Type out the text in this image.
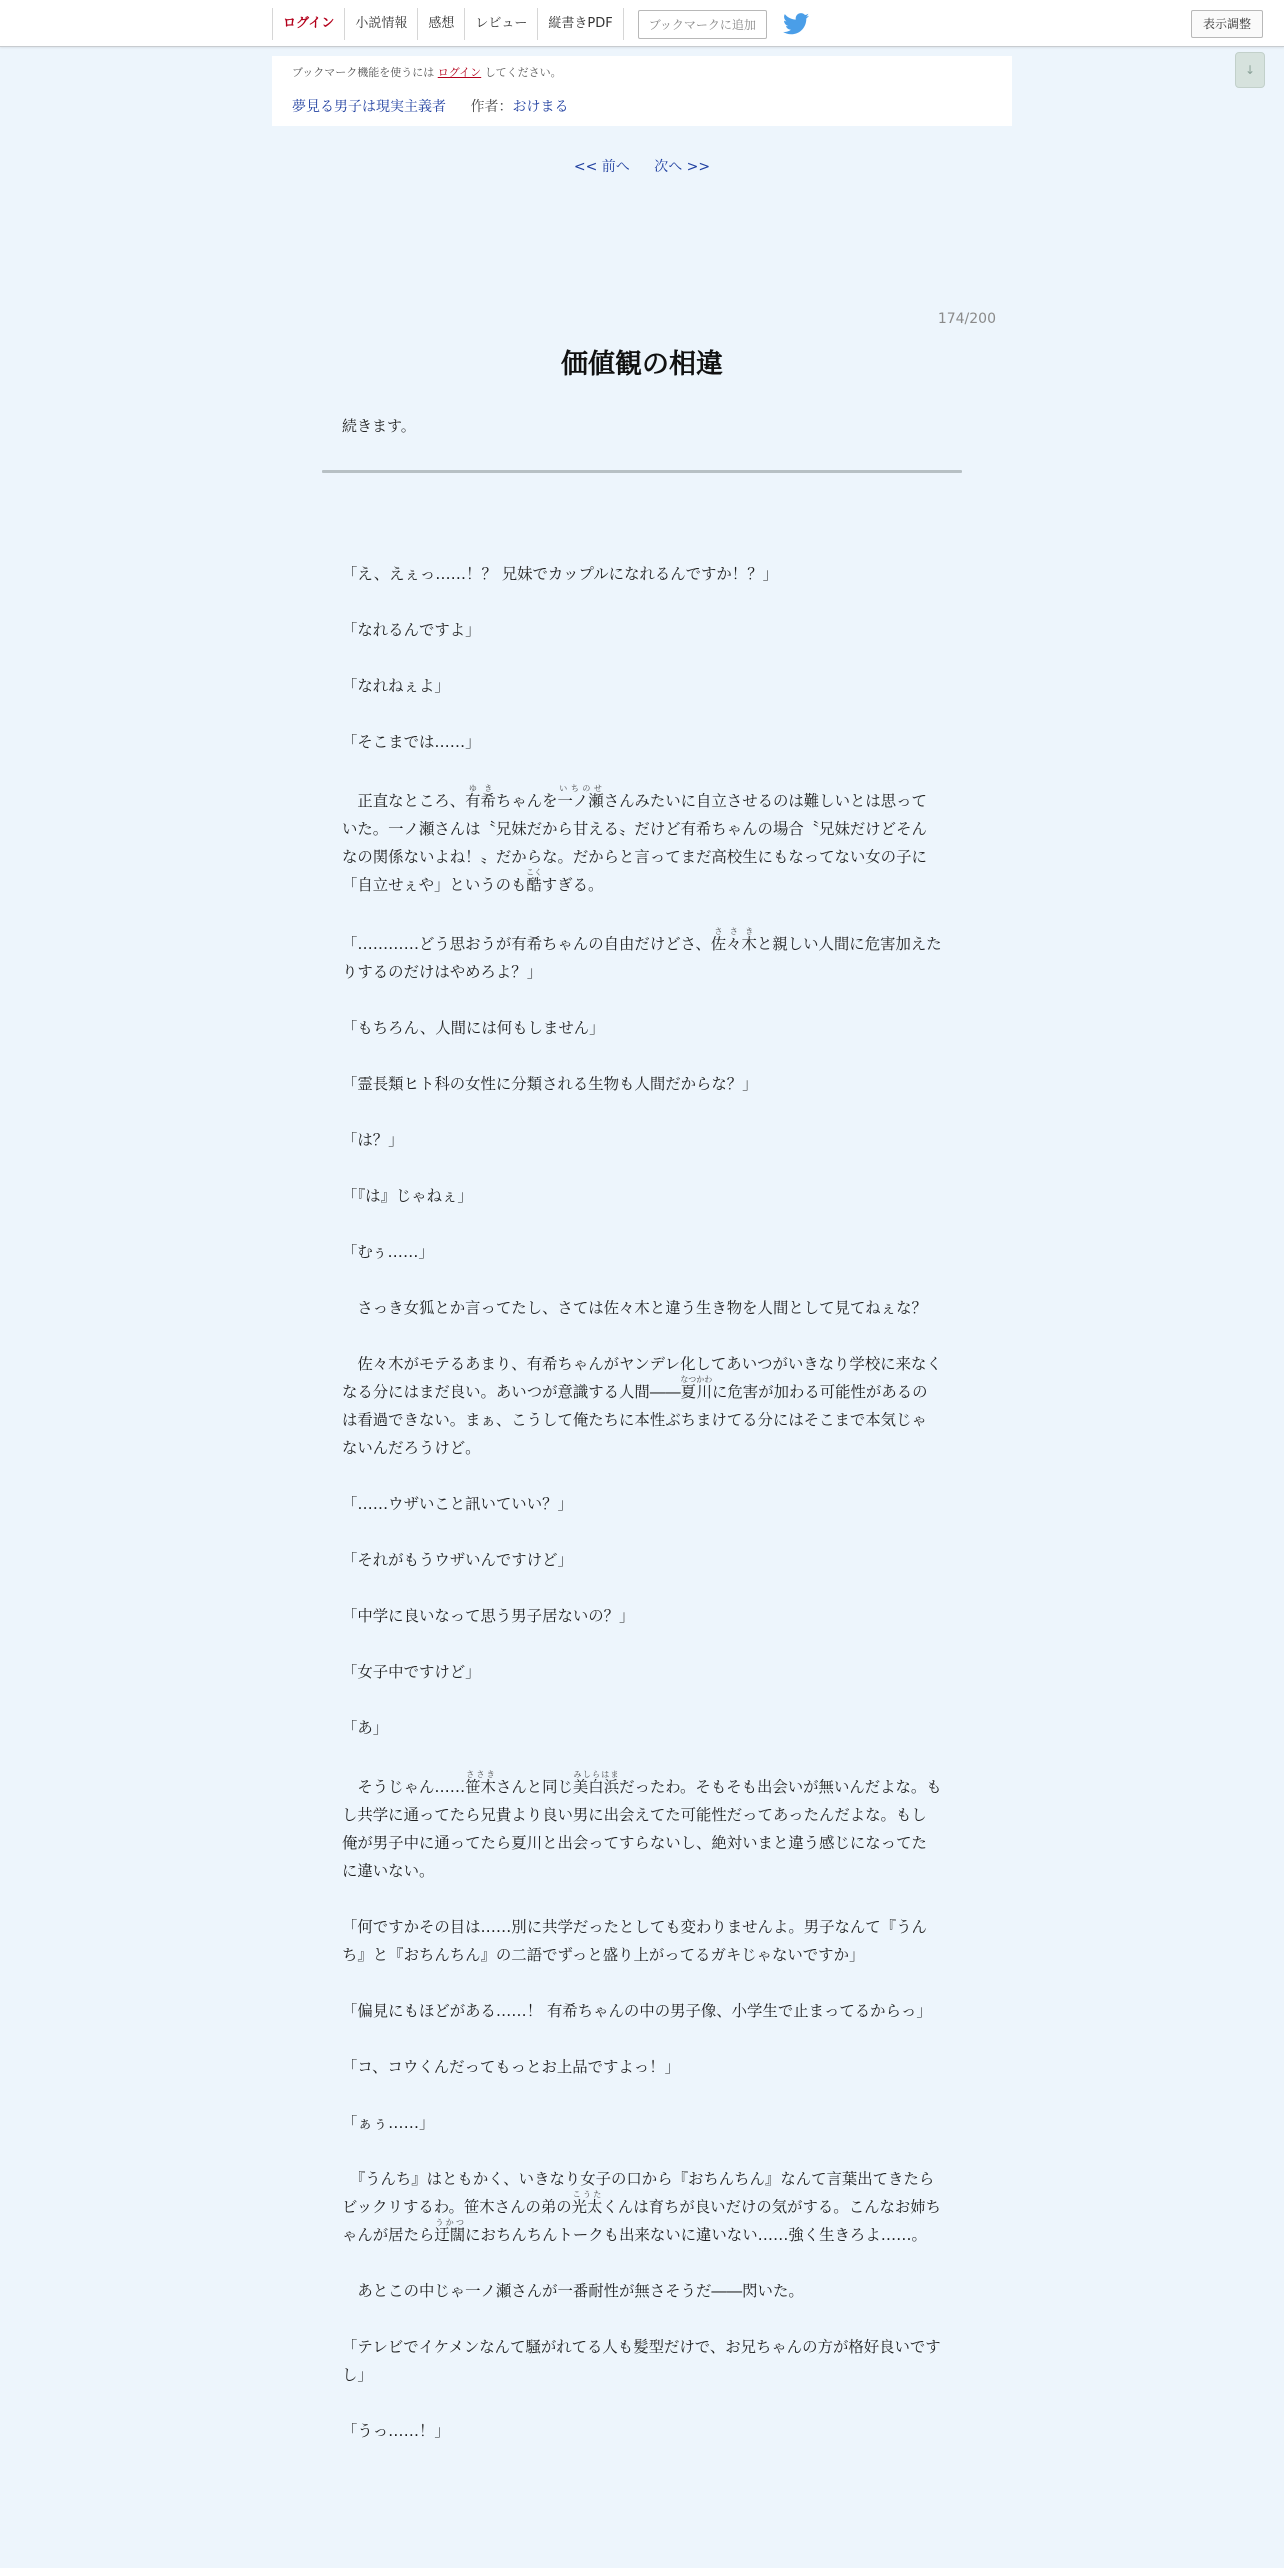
ログイン	小説情報	感想	レビュー	縦書きPDF	ブックマークに追加	表示調整
↓
ブックマーク機能を使うには ログイン してください。
夢見る男子は現実主義者 作者：おけまる
<< 前へ 次へ >>
174/200
価値観の相違
続きます。

「え、えぇっ……！？ 兄妹でカップルになれるんですか！？」

「なれるんですよ」

「なれねぇよ」

「そこまでは……」

　正直なところ、有希ゆきちゃんを一ノ瀬いちのせさんみたいに自立させるのは難しいとは思っていた。一ノ瀬さんは〝兄妹だから甘える〟だけど有希ちゃんの場合〝兄妹だけどそんなの関係ないよね！〟だからな。だからと言ってまだ高校生にもなってない女の子に「自立せぇや」というのも酷こくすぎる。

「…………どう思おうが有希ちゃんの自由だけどさ、佐々木ささきと親しい人間に危害加えたりするのだけはやめろよ？」

「もちろん、人間には何もしません」

「霊長類ヒト科の女性に分類される生物も人間だからな？」

「は？」

「『は』じゃねぇ」

「むぅ……」

　さっき女狐とか言ってたし、さては佐々木と違う生き物を人間として見てねぇな？

　佐々木がモテるあまり、有希ちゃんがヤンデレ化してあいつがいきなり学校に来なくなる分にはまだ良い。あいつが意識する人間――夏川なつかわに危害が加わる可能性があるのは看過できない。まぁ、こうして俺たちに本性ぶちまけてる分にはそこまで本気じゃないんだろうけど。

「……ウザいこと訊いていい？」

「それがもうウザいんですけど」

「中学に良いなって思う男子居ないの？」

「女子中ですけど」

「あ」

　そうじゃん……笹木ささきさんと同じ美白浜みしらはまだったわ。そもそも出会いが無いんだよな。もし共学に通ってたら兄貴より良い男に出会えてた可能性だってあったんだよな。もし俺が男子中に通ってたら夏川と出会ってすらないし、絶対いまと違う感じになってたに違いない。

「何ですかその目は……別に共学だったとしても変わりませんよ。男子なんて『うんち』と『おちんちん』の二語でずっと盛り上がってるガキじゃないですか」

「偏見にもほどがある……！ 有希ちゃんの中の男子像、小学生で止まってるからっ」

「コ、コウくんだってもっとお上品ですよっ！」

「ぁぅ……」

　『うんち』はともかく、いきなり女子の口から『おちんちん』なんて言葉出てきたらビックリするわ。笹木さんの弟の光太こうたくんは育ちが良いだけの気がする。こんなお姉ちゃんが居たら迂闊うかつにおちんちんトークも出来ないに違いない……強く生きろよ……。

　あとこの中じゃ一ノ瀬さんが一番耐性が無さそうだ――閃いた。

「テレビでイケメンなんて騒がれてる人も髪型だけで、お兄ちゃんの方が格好良いですし」

「うっ……！」
